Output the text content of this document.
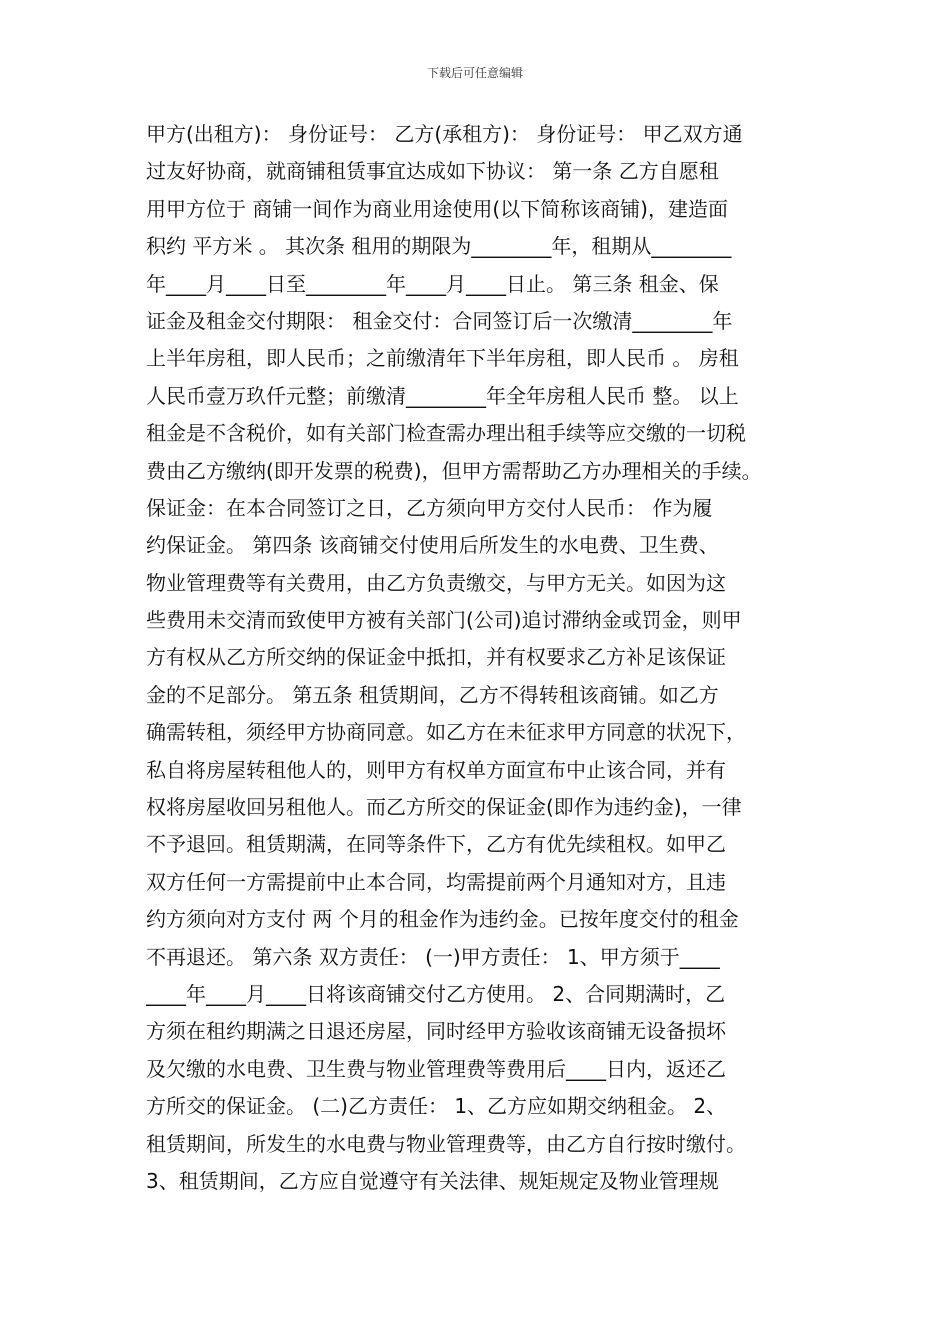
下载后可任意编辑
甲方(出租方)： 身份证号： 乙方(承租方)： 身份证号： 甲乙双方通
过友好协商，就商铺租赁事宜达成如下协议： 第一条 乙方自愿租
用甲方位于 商铺一间作为商业用途使用(以下简称该商铺)，建造面
积约 平方米 。 其次条 租用的期限为________年，租期从________
年____月____日至________年____月____日止。 第三条 租金、保
证金及租金交付期限： 租金交付：合同签订后一次缴清________年
上半年房租，即人民币；之前缴清年下半年房租，即人民币 。 房租
人民币壹万玖仟元整；前缴清________年全年房租人民币 整。 以上
租金是不含税价，如有关部门检查需办理出租手续等应交缴的一切税
费由乙方缴纳(即开发票的税费)，但甲方需帮助乙方办理相关的手续。
保证金：在本合同签订之日，乙方须向甲方交付人民币： 作为履
约保证金。 第四条 该商铺交付使用后所发生的水电费、卫生费、
物业管理费等有关费用，由乙方负责缴交，与甲方无关。如因为这
些费用未交清而致使甲方被有关部门(公司)追讨滞纳金或罚金，则甲
方有权从乙方所交纳的保证金中抵扣，并有权要求乙方补足该保证
金的不足部分。 第五条 租赁期间，乙方不得转租该商铺。如乙方
确需转租，须经甲方协商同意。如乙方在未征求甲方同意的状况下，
私自将房屋转租他人的，则甲方有权单方面宣布中止该合同，并有
权将房屋收回另租他人。而乙方所交的保证金(即作为违约金)，一律
不予退回。租赁期满，在同等条件下，乙方有优先续租权。如甲乙
双方任何一方需提前中止本合同，均需提前两个月通知对方，且违
约方须向对方支付 两 个月的租金作为违约金。已按年度交付的租金
不再退还。 第六条 双方责任： (一)甲方责任： 1、甲方须于____
____年____月____日将该商铺交付乙方使用。 2、合同期满时，乙
方须在租约期满之日退还房屋，同时经甲方验收该商铺无设备损坏
及欠缴的水电费、卫生费与物业管理费等费用后____日内，返还乙
方所交的保证金。 (二)乙方责任： 1、乙方应如期交纳租金。 2、
租赁期间，所发生的水电费与物业管理费等，由乙方自行按时缴付。
3、租赁期间，乙方应自觉遵守有关法律、规矩规定及物业管理规
